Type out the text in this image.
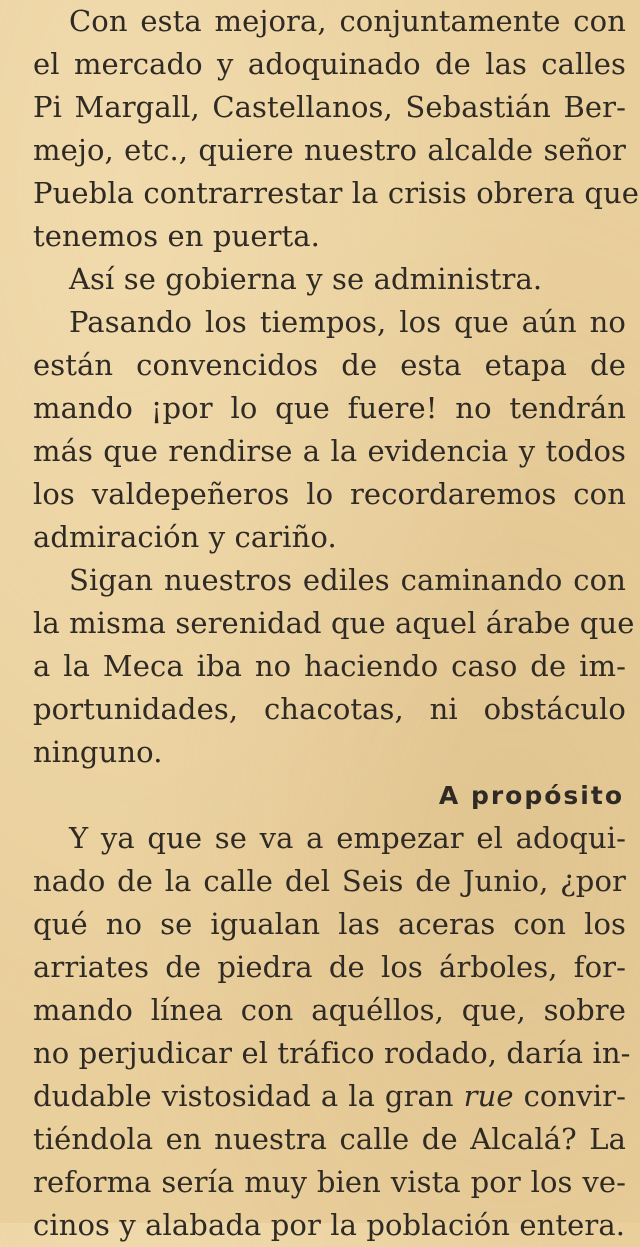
Con esta mejora, conjuntamente con
el mercado y adoquinado de las calles
Pi Margall, Castellanos, Sebastián Ber-
mejo, etc., quiere nuestro alcalde señor
Puebla contrarrestar la crisis obrera que
tenemos en puerta.
Así se gobierna y se administra.
Pasando los tiempos, los que aún no
están convencidos de esta etapa de
mando ¡por lo que fuere! no tendrán
más que rendirse a la evidencia y todos
los valdepeñeros lo recordaremos con
admiración y cariño.
Sigan nuestros ediles caminando con
la misma serenidad que aquel árabe que
a la Meca iba no haciendo caso de im-
portunidades, chacotas, ni obstáculo
ninguno.
A propósito
Y ya que se va a empezar el adoqui-
nado de la calle del Seis de Junio, ¿por
qué no se igualan las aceras con los
arriates de piedra de los árboles, for-
mando línea con aquéllos, que, sobre
no perjudicar el tráfico rodado, daría in-
dudable vistosidad a la gran rue convir-
tiéndola en nuestra calle de Alcalá? La
reforma sería muy bien vista por los ve-
cinos y alabada por la población entera.
